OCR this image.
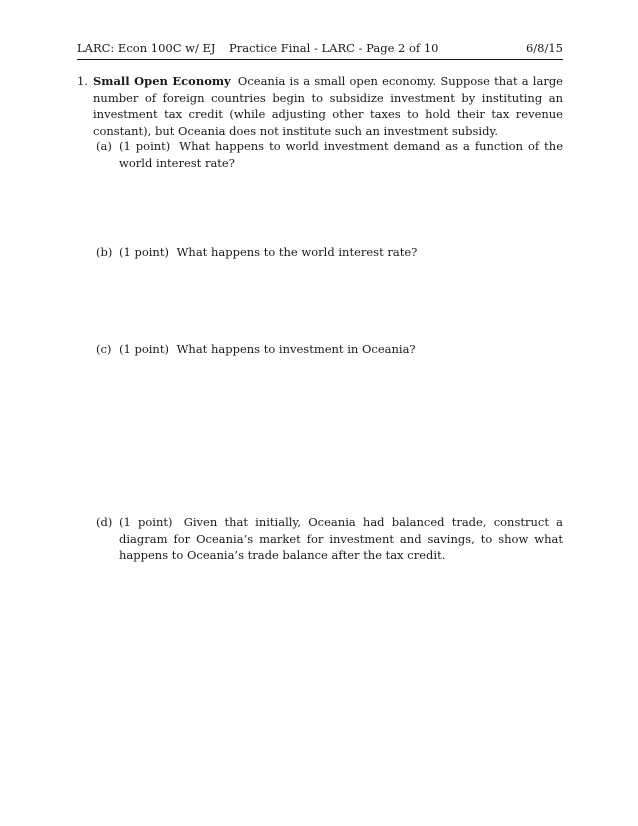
LARC: Econ 100C w/ EJ Practice Final - LARC - Page 2 of 10	6/8/15
1. Small Open Economy Oceania is a small open economy. Suppose that a large number of foreign countries begin to subsidize investment by instituting an investment tax credit (while adjusting other taxes to hold their tax revenue constant), but Oceania does not institute such an investment subsidy.
(a) (1 point) What happens to world investment demand as a function of the world interest rate?
(b) (1 point) What happens to the world interest rate?
(c) (1 point) What happens to investment in Oceania?
(d) (1 point) Given that initially, Oceania had balanced trade, construct a diagram for Oceania’s market for investment and savings, to show what happens to Oceania’s trade balance after the tax credit.
